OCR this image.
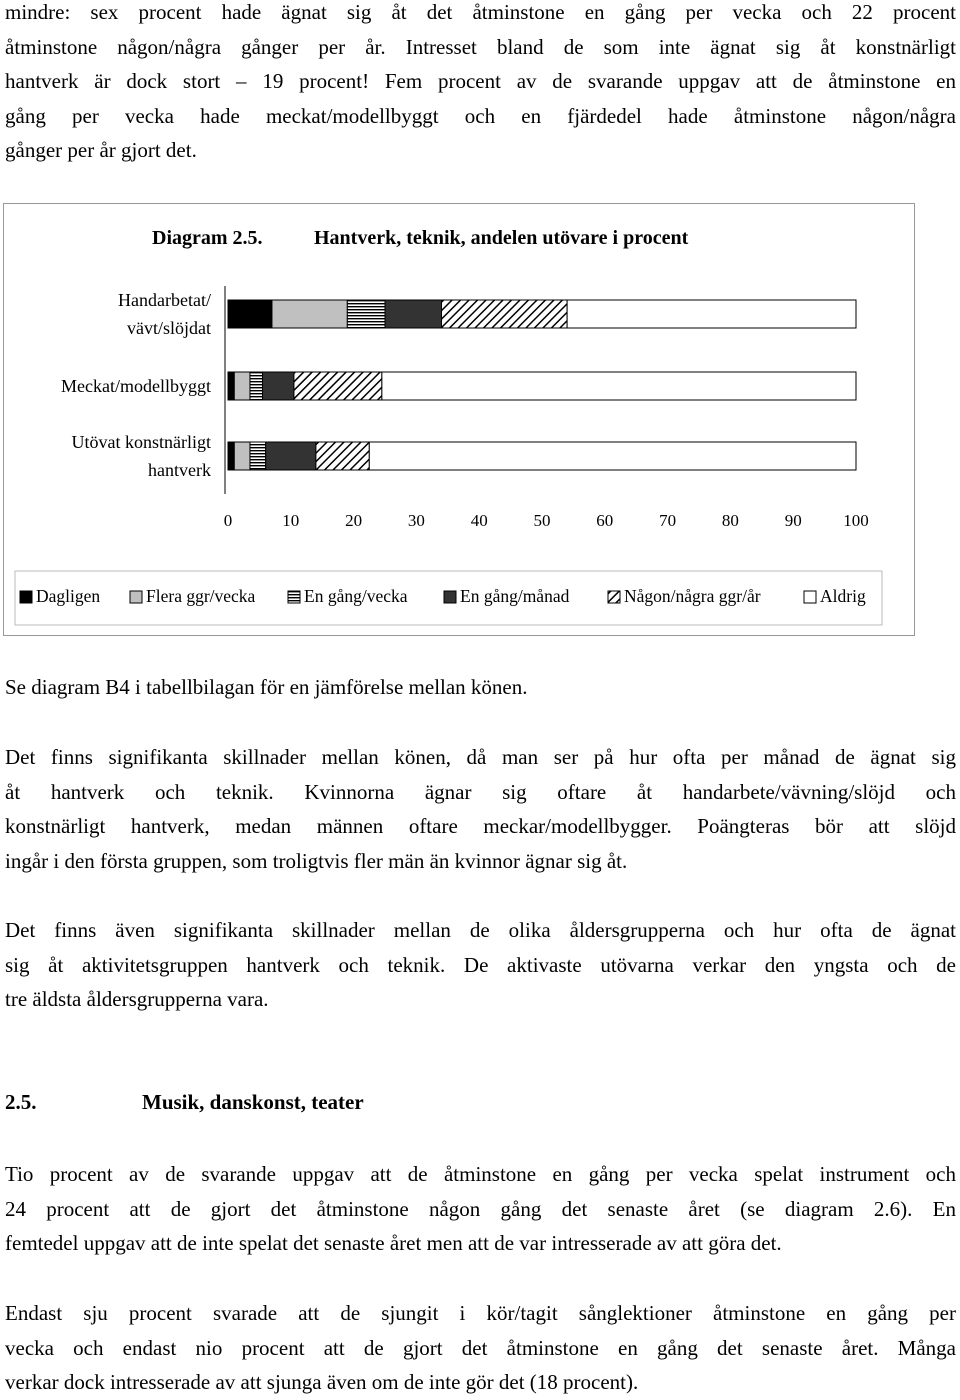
mindre: sex procent hade ägnat sig åt det åtminstone en gång per vecka och 22 procent
åtminstone någon/några gånger per år. Intresset bland de som inte ägnat sig åt konstnärligt
hantverk är dock stort – 19 procent! Fem procent av de svarande uppgav att de åtminstone en
gång per vecka hade meckat/modellbyggt och en fjärdedel hade åtminstone någon/några
gånger per år gjort det.
Diagram 2.5.	Hantverk, teknik, andelen utövare i procent
0	10	20	30	40	50	60	70	80	90 100
Handarbetat/
vävt/slöjdat
Meckat/modellbyggt
Utövat konstnärligt
hantverk
Dagligen	Flera ggr/vecka	En gång/vecka	En gång/månad	Någon/några ggr/år	Aldrig
Se diagram B4 i tabellbilagan för en jämförelse mellan könen.
Det finns signifikanta skillnader mellan könen, då man ser på hur ofta per månad de ägnat sig
åt hantverk och teknik. Kvinnorna ägnar sig oftare åt handarbete/vävning/slöjd och
konstnärligt hantverk, medan männen oftare meckar/modellbygger. Poängteras bör att slöjd
ingår i den första gruppen, som troligtvis fler män än kvinnor ägnar sig åt.
Det finns även signifikanta skillnader mellan de olika åldersgrupperna och hur ofta de ägnat
sig åt aktivitetsgruppen hantverk och teknik. De aktivaste utövarna verkar den yngsta och de
tre äldsta åldersgrupperna vara.
2.5.	Musik, danskonst, teater
Tio procent av de svarande uppgav att de åtminstone en gång per vecka spelat instrument och
24 procent att de gjort det åtminstone någon gång det senaste året (se diagram 2.6). En
femtedel uppgav att de inte spelat det senaste året men att de var intresserade av att göra det.
Endast sju procent svarade att de sjungit i kör/tagit sånglektioner åtminstone en gång per
vecka och endast nio procent att de gjort det åtminstone en gång det senaste året. Många
verkar dock intresserade av att sjunga även om de inte gör det (18 procent).
